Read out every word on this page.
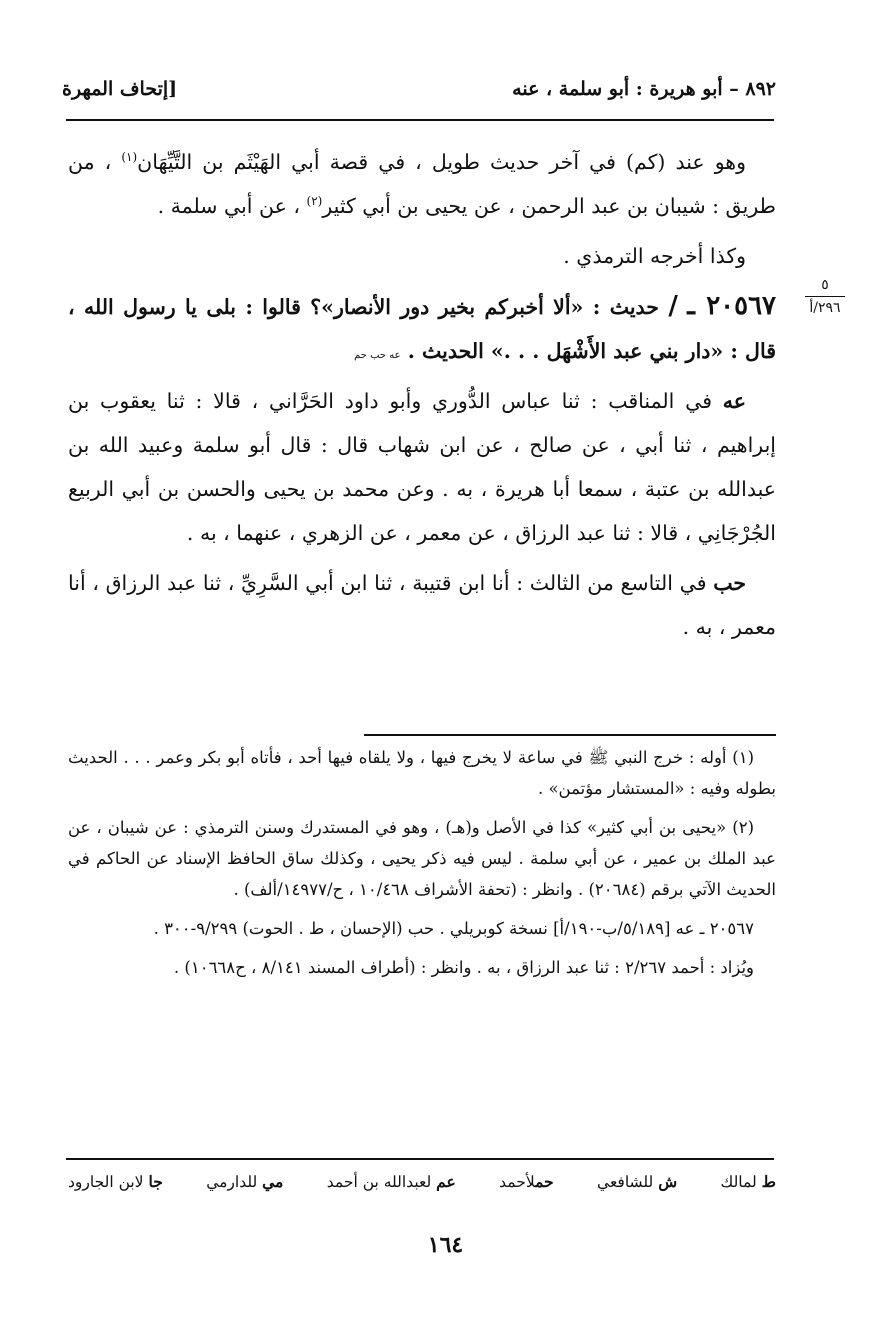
٨٩٢ – أبو هريرة : أبو سلمة ، عنه
[إتحاف المهرة
٥
٢٩٦/أ

وهو عند (كم) في آخر حديث طويل ، في قصة أبي الهَيْثَم بن التَّيِّهَان$^{(١)}$ ، من طريق : شيبان بن عبد الرحمن ، عن يحيى بن أبي كثير$^{(٢)}$ ، عن أبي سلمة .

وكذا أخرجه الترمذي .

٢٠٥٦٧ ـ / حديث : «ألا أخبركم بخير دور الأنصار»؟ قالوا : بلى يا رسول الله ، قال : «دار بني عبد الأَشْهَل . . .» الحديث . عه حب حم

عه في المناقب : ثنا عباس الدُّوري وأبو داود الحَرَّاني ، قالا : ثنا يعقوب بن إبراهيم ، ثنا أبي ، عن صالح ، عن ابن شهاب قال : قال أبو سلمة وعبيد الله بن عبدالله بن عتبة ، سمعا أبا هريرة ، به . وعن محمد بن يحيى والحسن بن أبي الربيع الجُرْجَانِي ، قالا : ثنا عبد الرزاق ، عن معمر ، عن الزهري ، عنهما ، به .

حب في التاسع من الثالث : أنا ابن قتيبة ، ثنا ابن أبي السَّرِيِّ ، ثنا عبد الرزاق ، أنا معمر ، به .

(١) أوله : خرج النبي ﷺ في ساعة لا يخرج فيها ، ولا يلقاه فيها أحد ، فأتاه أبو بكر وعمر . . . الحديث بطوله وفيه : «المستشار مؤتمن» .

(٢) «يحيى بن أبي كثير» كذا في الأصل و(هـ) ، وهو في المستدرك وسنن الترمذي : عن شيبان ، عن عبد الملك بن عمير ، عن أبي سلمة . ليس فيه ذكر يحيى ، وكذلك ساق الحافظ الإسناد عن الحاكم في الحديث الآتي برقم (٢٠٦٨٤) . وانظر : (تحفة الأشراف ١٠/٤٦٨ ، ح/١٤٩٧٧/ألف) .

٢٠٥٦٧ ـ عه [٥/١٨٩/ب-١٩٠/أ] نسخة كوبريلي . حب (الإحسان ، ط . الحوت) ٩/٢٩٩-٣٠٠ .

ويُزاد : أحمد ٢/٢٦٧ : ثنا عبد الرزاق ، به . وانظر : (أطراف المسند ٨/١٤١ ، ح١٠٦٦٨) .

ط لمالك
ش للشافعي
حملأحمد
عم لعبدالله بن أحمد
مي للدارمي
جا لابن الجارود
١٦٤
